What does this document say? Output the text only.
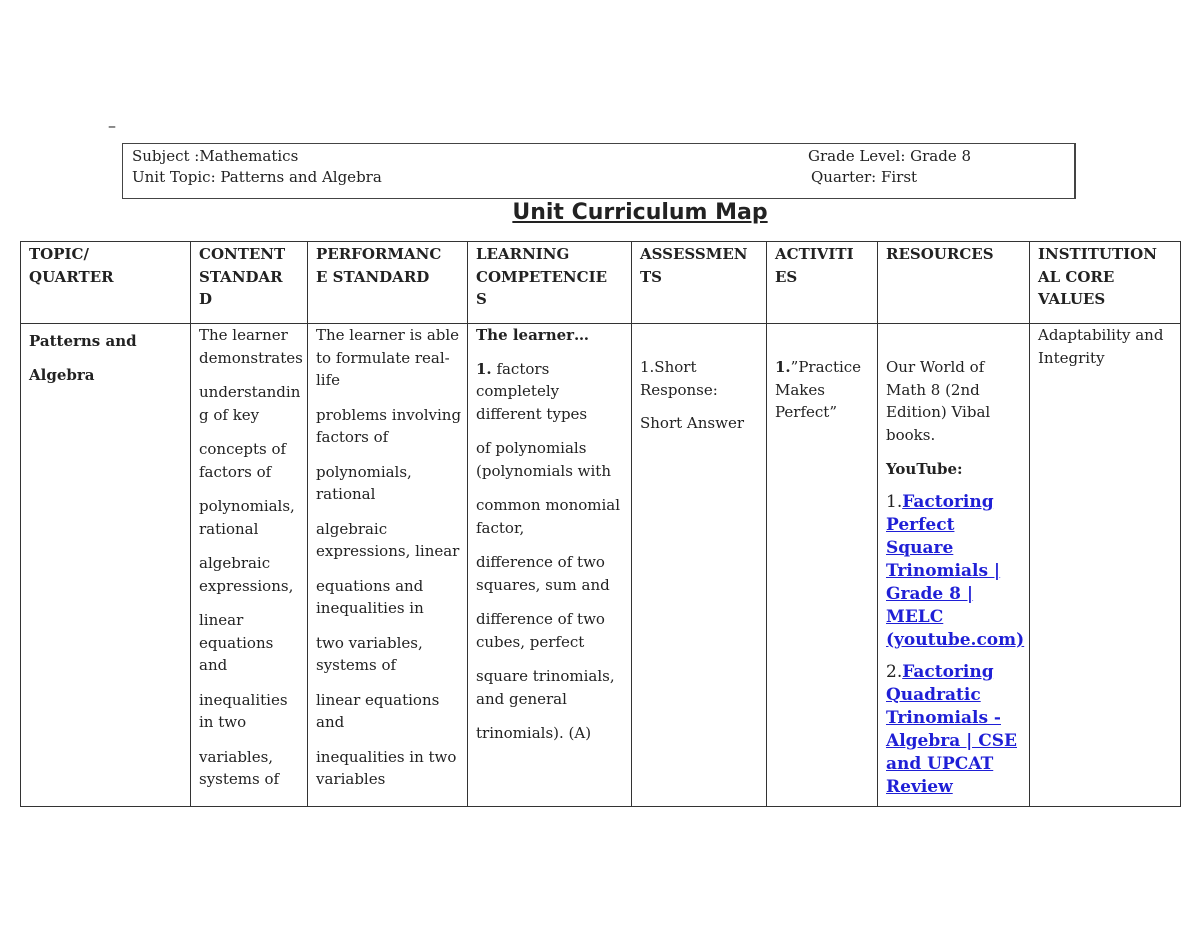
–
Subject :Mathematics
Unit Topic: Patterns and Algebra
Grade Level: Grade 8
Quarter: First
Unit Curriculum Map
TOPIC/
QUARTER
CONTENT
STANDAR
D
PERFORMANC
E STANDARD
LEARNING
COMPETENCIE
S
ASSESSMEN
TS
ACTIVITI
ES
RESOURCES	INSTITUTION
AL CORE
VALUES
Patterns and
Algebra
The learner
demonstrates
understandin
g of key
concepts of
factors of
polynomials,
rational
algebraic
expressions,
linear
equations
and
inequalities
in two
variables,
systems of
The learner is able
to formulate real-
life
problems involving
factors of
polynomials,
rational
algebraic
expressions, linear
equations and
inequalities in
two variables,
systems of
linear equations
and
inequalities in two
variables
The learner…
1. factors
completely
different types
of polynomials
(polynomials with
common monomial
factor,
difference of two
squares, sum and
difference of two
cubes, perfect
square trinomials,
and general
trinomials). (A)
1.Short
Response:
Short Answer
1.”Practice
Makes
Perfect”
Our World of
Math 8 (2nd
Edition) Vibal
books.
YouTube:
1.Factoring
Perfect
Square
Trinomials |
Grade 8 |
MELC
(youtube.com)
2.Factoring
Quadratic
Trinomials -
Algebra | CSE
and UPCAT
Review
Adaptability and
Integrity
